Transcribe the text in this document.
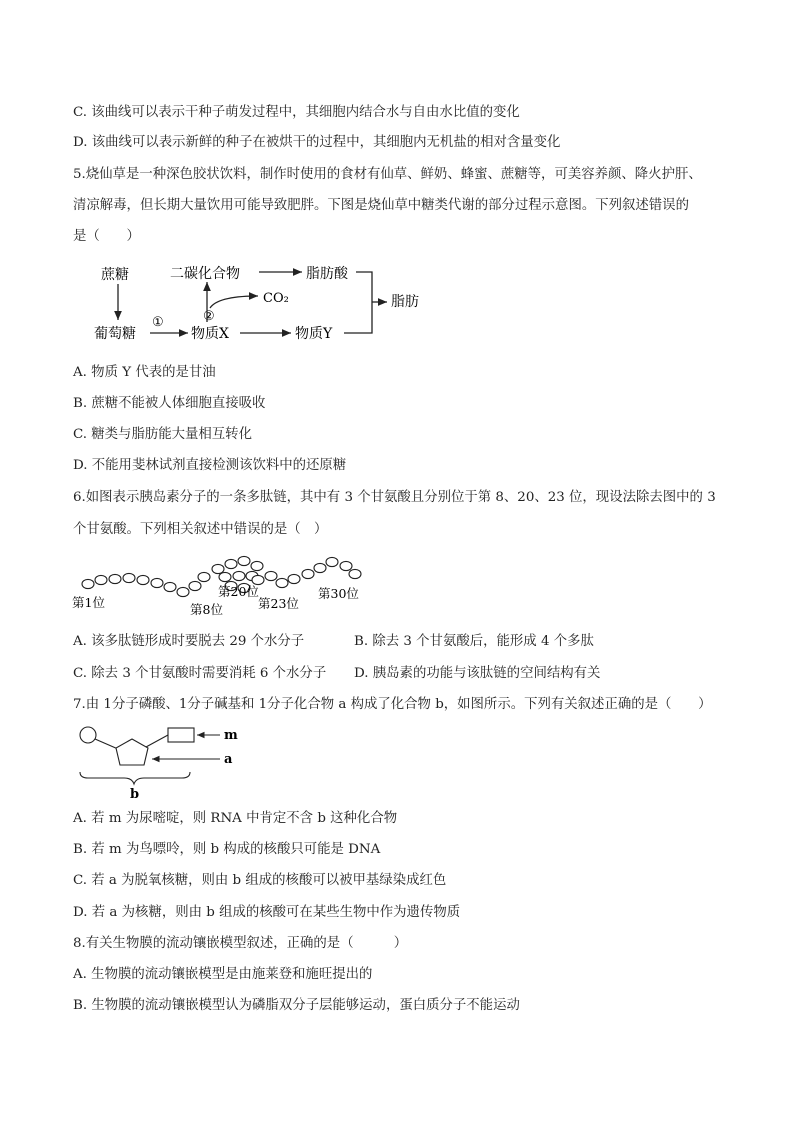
C. 该曲线可以表示干种子萌发过程中，其细胞内结合水与自由水比值的变化
D. 该曲线可以表示新鲜的种子在被烘干的过程中，其细胞内无机盐的相对含量变化
5.烧仙草是一种深色胶状饮料，制作时使用的食材有仙草、鲜奶、蜂蜜、蔗糖等，可美容养颜、降火护肝、
清凉解毒，但长期大量饮用可能导致肥胖。下图是烧仙草中糖类代谢的部分过程示意图。下列叙述错误的
是（　　）
蔗糖
葡萄糖
二碳化合物	脂肪酸
CO₂	脂肪
物质X	物质Y
①	②
A. 物质 Y 代表的是甘油
B. 蔗糖不能被人体细胞直接吸收
C. 糖类与脂肪能大量相互转化
D. 不能用斐林试剂直接检测该饮料中的还原糖
6.如图表示胰岛素分子的一条多肽链，其中有 3 个甘氨酸且分别位于第 8、20、23 位，现设法除去图中的 3
个甘氨酸。下列相关叙述中错误的是（　）
第1位	第8位
第20位
第23位
第30位
A. 该多肽链形成时要脱去 29 个水分子	B. 除去 3 个甘氨酸后，能形成 4 个多肽
C. 除去 3 个甘氨酸时需要消耗 6 个水分子 D. 胰岛素的功能与该肽链的空间结构有关
7.由 1分子磷酸、1分子碱基和 1分子化合物 a 构成了化合物 b，如图所示。下列有关叙述正确的是（　　）
m
a
b
A. 若 m 为尿嘧啶，则 RNA 中肯定不含 b 这种化合物
B. 若 m 为鸟嘌呤，则 b 构成的核酸只可能是 DNA
C. 若 a 为脱氧核糖，则由 b 组成的核酸可以被甲基绿染成红色
D. 若 a 为核糖，则由 b 组成的核酸可在某些生物中作为遗传物质
8.有关生物膜的流动镶嵌模型叙述，正确的是（　　　）
A. 生物膜的流动镶嵌模型是由施莱登和施旺提出的
B. 生物膜的流动镶嵌模型认为磷脂双分子层能够运动，蛋白质分子不能运动
